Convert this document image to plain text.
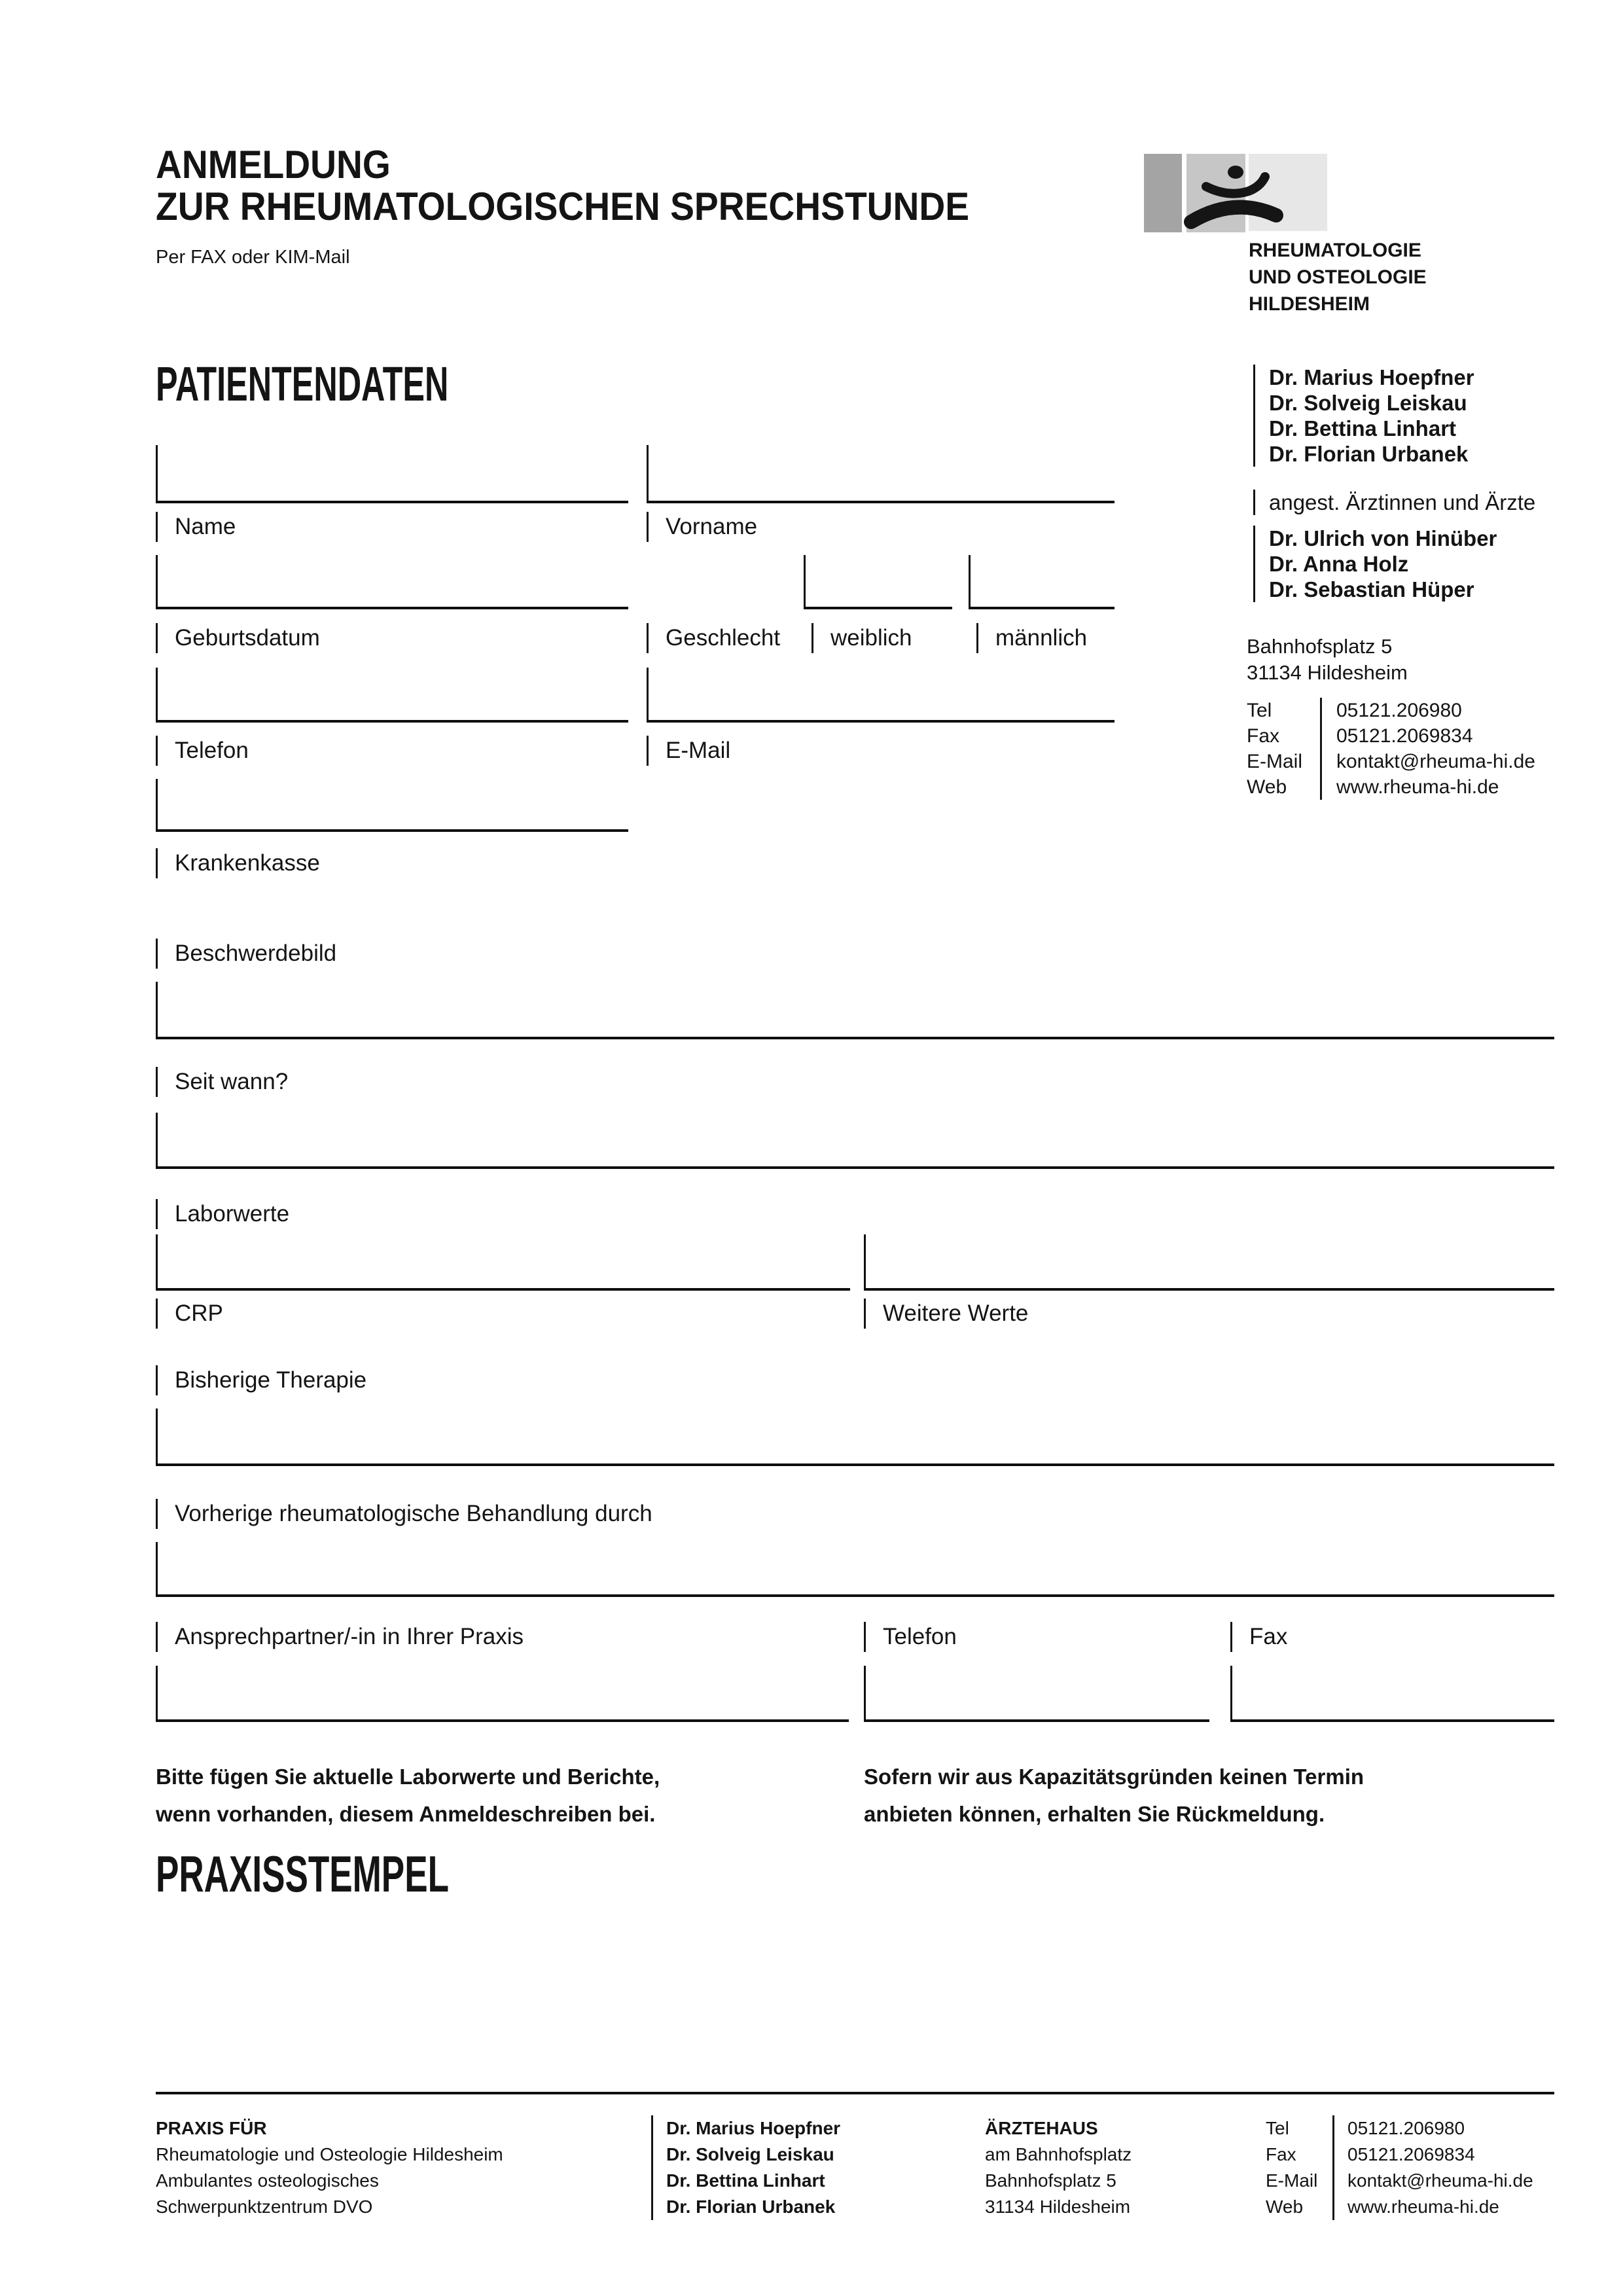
ANMELDUNG
ZUR RHEUMATOLOGISCHEN SPRECHSTUNDE
Per FAX oder KIM-Mail	RHEUMATOLOGIE
UND OSTEOLOGIE
HILDESHEIM
PATIENTENDATEN	Dr. Marius Hoepfner
Dr. Solveig Leiskau
Dr. Bettina Linhart
Dr. Florian Urbanek
angest. Ärztinnen und Ärzte
Dr. Ulrich von Hinüber
Dr. Anna Holz
Dr. Sebastian Hüper
Bahnhofsplatz 5
31134 Hildesheim
Tel	05121.206980
Fax	05121.2069834
E-Mail	kontakt@rheuma-hi.de
Web	www.rheuma-hi.de
Name	Vorname
Geburtsdatum	Geschlecht	weiblich	männlich
Telefon	E-Mail
Krankenkasse
Beschwerdebild
Seit wann?
Laborwerte
CRP	Weitere Werte
Bisherige Therapie
Vorherige rheumatologische Behandlung durch
Ansprechpartner/-in in Ihrer Praxis	Telefon	Fax
Bitte fügen Sie aktuelle Laborwerte und Berichte,
wenn vorhanden, diesem Anmeldeschreiben bei.
Sofern wir aus Kapazitätsgründen keinen Termin
anbieten können, erhalten Sie Rückmeldung.
PRAXISSTEMPEL
PRAXIS FÜR
Rheumatologie und Osteologie Hildesheim
Ambulantes osteologisches
Schwerpunktzentrum DVO
Dr. Marius Hoepfner
Dr. Solveig Leiskau
Dr. Bettina Linhart
Dr. Florian Urbanek
ÄRZTEHAUS
am Bahnhofsplatz
Bahnhofsplatz 5
31134 Hildesheim
Tel	05121.206980
Fax	05121.2069834
E-Mail	kontakt@rheuma-hi.de
Web	www.rheuma-hi.de
